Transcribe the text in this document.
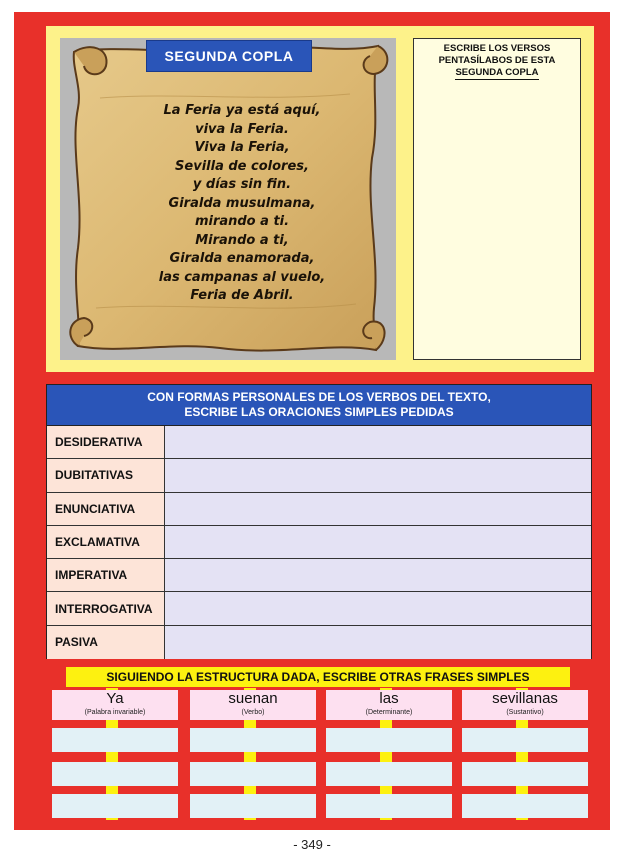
SEGUNDA COPLA
La Feria ya está aquí,
viva la Feria.
Viva la Feria,
Sevilla de colores,
y días sin fin.
Giralda musulmana,
mirando a ti.
Mirando a ti,
Giralda enamorada,
las campanas al vuelo,
Feria de Abril.
ESCRIBE LOS VERSOS
PENTASÍLABOS DE ESTA
SEGUNDA COPLA
CON FORMAS PERSONALES DE LOS VERBOS DEL TEXTO,
ESCRIBE LAS ORACIONES SIMPLES PEDIDAS
DESIDERATIVA
DUBITATIVAS
ENUNCIATIVA
EXCLAMATIVA
IMPERATIVA
INTERROGATIVA
PASIVA
SIGUIENDO LA ESTRUCTURA DADA, ESCRIBE OTRAS FRASES SIMPLES
Ya
(Palabra invariable)
suenan
(Verbo)
las
(Determinante)
sevillanas
(Sustantivo)
- 349 -
